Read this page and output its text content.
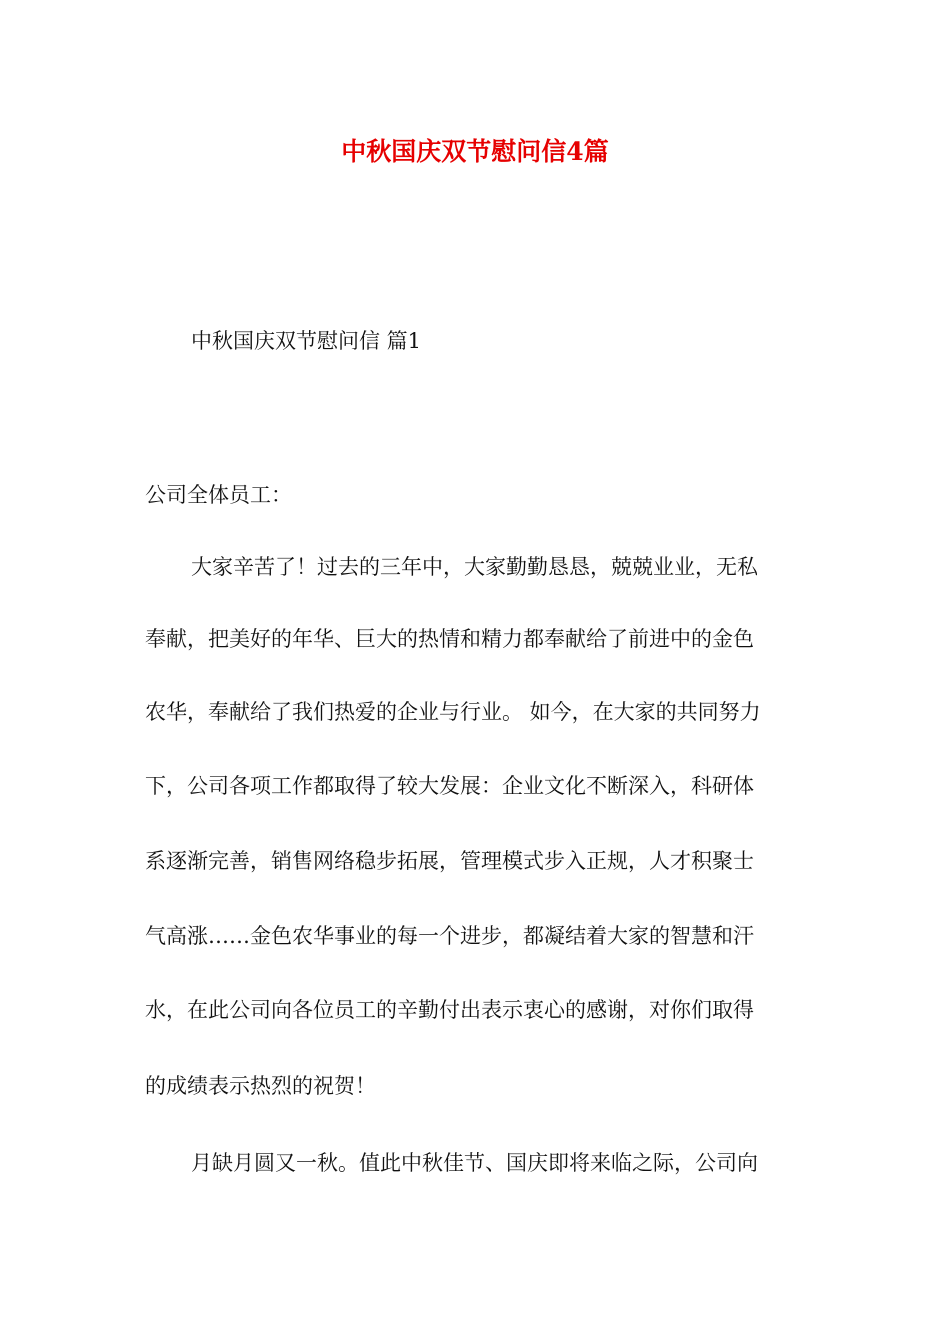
中秋国庆双节慰问信4篇
中秋国庆双节慰问信 篇1
公司全体员工：
大家辛苦了！过去的三年中，大家勤勤恳恳，兢兢业业，无私
奉献，把美好的年华、巨大的热情和精力都奉献给了前进中的金色
农华，奉献给了我们热爱的企业与行业。 如今，在大家的共同努力
下，公司各项工作都取得了较大发展：企业文化不断深入，科研体
系逐渐完善，销售网络稳步拓展，管理模式步入正规，人才积聚士
气高涨……金色农华事业的每一个进步，都凝结着大家的智慧和汗
水，在此公司向各位员工的辛勤付出表示衷心的感谢，对你们取得
的成绩表示热烈的祝贺！
月缺月圆又一秋。值此中秋佳节、国庆即将来临之际，公司向
